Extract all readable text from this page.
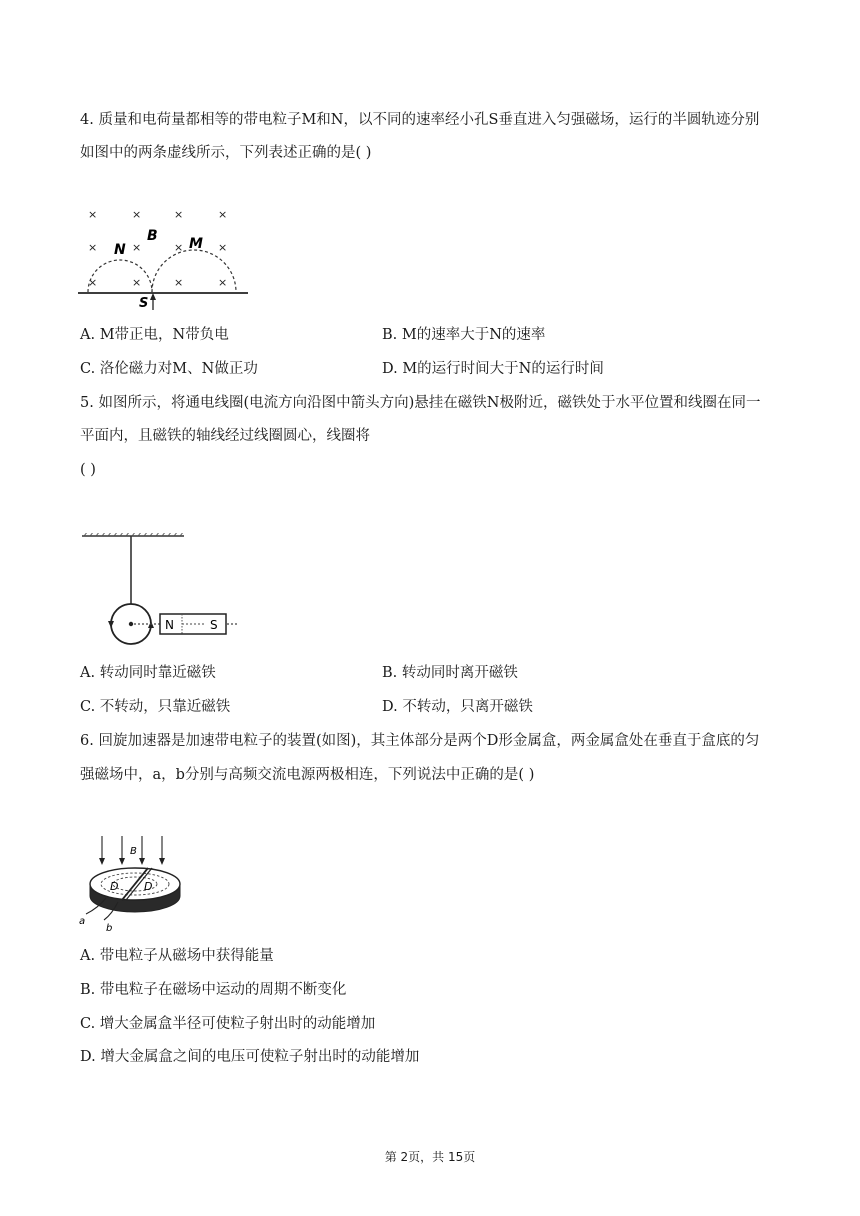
4. 质量和电荷量都相等的带电粒子M和N，以不同的速率经小孔S垂直进入匀强磁场，运行的半圆轨迹分别
如图中的两条虚线所示，下列表述正确的是( )
×	×	×	×
×	×	×	×
×	×	×	×
N
B M
S
A. M带正电，N带负电	B. M的速率大于N的速率
C. 洛伦磁力对M、N做正功	D. M的运行时间大于N的运行时间
5. 如图所示，将通电线圈(电流方向沿图中箭头方向)悬挂在磁铁N极附近，磁铁处于水平位置和线圈在同一
平面内，且磁铁的轴线经过线圈圆心，线圈将
( )
N	S
A. 转动同时靠近磁铁	B. 转动同时离开磁铁
C. 不转动，只靠近磁铁	D. 不转动，只离开磁铁
6. 回旋加速器是加速带电粒子的装置(如图)，其主体部分是两个D形金属盒，两金属盒处在垂直于盒底的匀
强磁场中，a，b分别与高频交流电源两极相连，下列说法中正确的是( )
B
D D
a
b
A. 带电粒子从磁场中获得能量
B. 带电粒子在磁场中运动的周期不断变化
C. 增大金属盒半径可使粒子射出时的动能增加
D. 增大金属盒之间的电压可使粒子射出时的动能增加
第 2页，共 15页
